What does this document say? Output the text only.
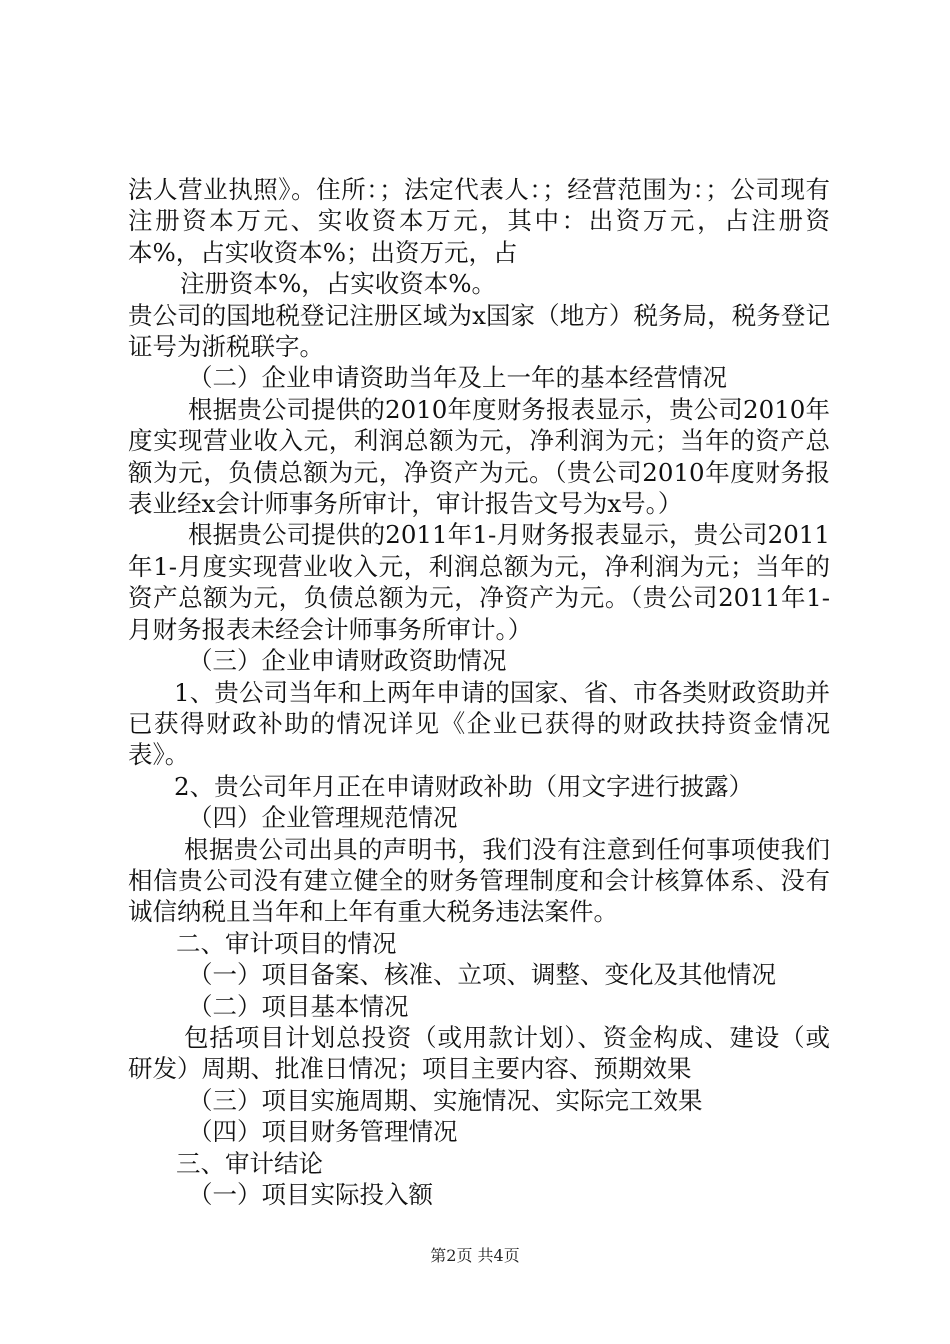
法人营业执照》。住所：；法定代表人：；经营范围为：；公司现有注册资本万元、实收资本万元，其中：出资万元，占注册资本%，占实收资本%；出资万元，占

注册资本%，占实收资本%。

贵公司的国地税登记注册区域为x国家（地方）税务局，税务登记证号为浙税联字。

（二）企业申请资助当年及上一年的基本经营情况

根据贵公司提供的2010年度财务报表显示，贵公司2010年度实现营业收入元，利润总额为元，净利润为元；当年的资产总额为元，负债总额为元，净资产为元。（贵公司2010年度财务报表业经x会计师事务所审计，审计报告文号为x号。）

根据贵公司提供的2011年1-月财务报表显示，贵公司2011年1-月度实现营业收入元，利润总额为元，净利润为元；当年的资产总额为元，负债总额为元，净资产为元。（贵公司2011年1-月财务报表未经会计师事务所审计。）

（三）企业申请财政资助情况

1、贵公司当年和上两年申请的国家、省、市各类财政资助并已获得财政补助的情况详见《企业已获得的财政扶持资金情况表》。

2、贵公司年月正在申请财政补助（用文字进行披露）

（四）企业管理规范情况

根据贵公司出具的声明书，我们没有注意到任何事项使我们相信贵公司没有建立健全的财务管理制度和会计核算体系、没有诚信纳税且当年和上年有重大税务违法案件。

二、审计项目的情况

（一）项目备案、核准、立项、调整、变化及其他情况

（二）项目基本情况

包括项目计划总投资（或用款计划）、资金构成、建设（或研发）周期、批准日情况；项目主要内容、预期效果

（三）项目实施周期、实施情况、实际完工效果

（四）项目财务管理情况

三、审计结论

（一）项目实际投入额

第2页 共4页
